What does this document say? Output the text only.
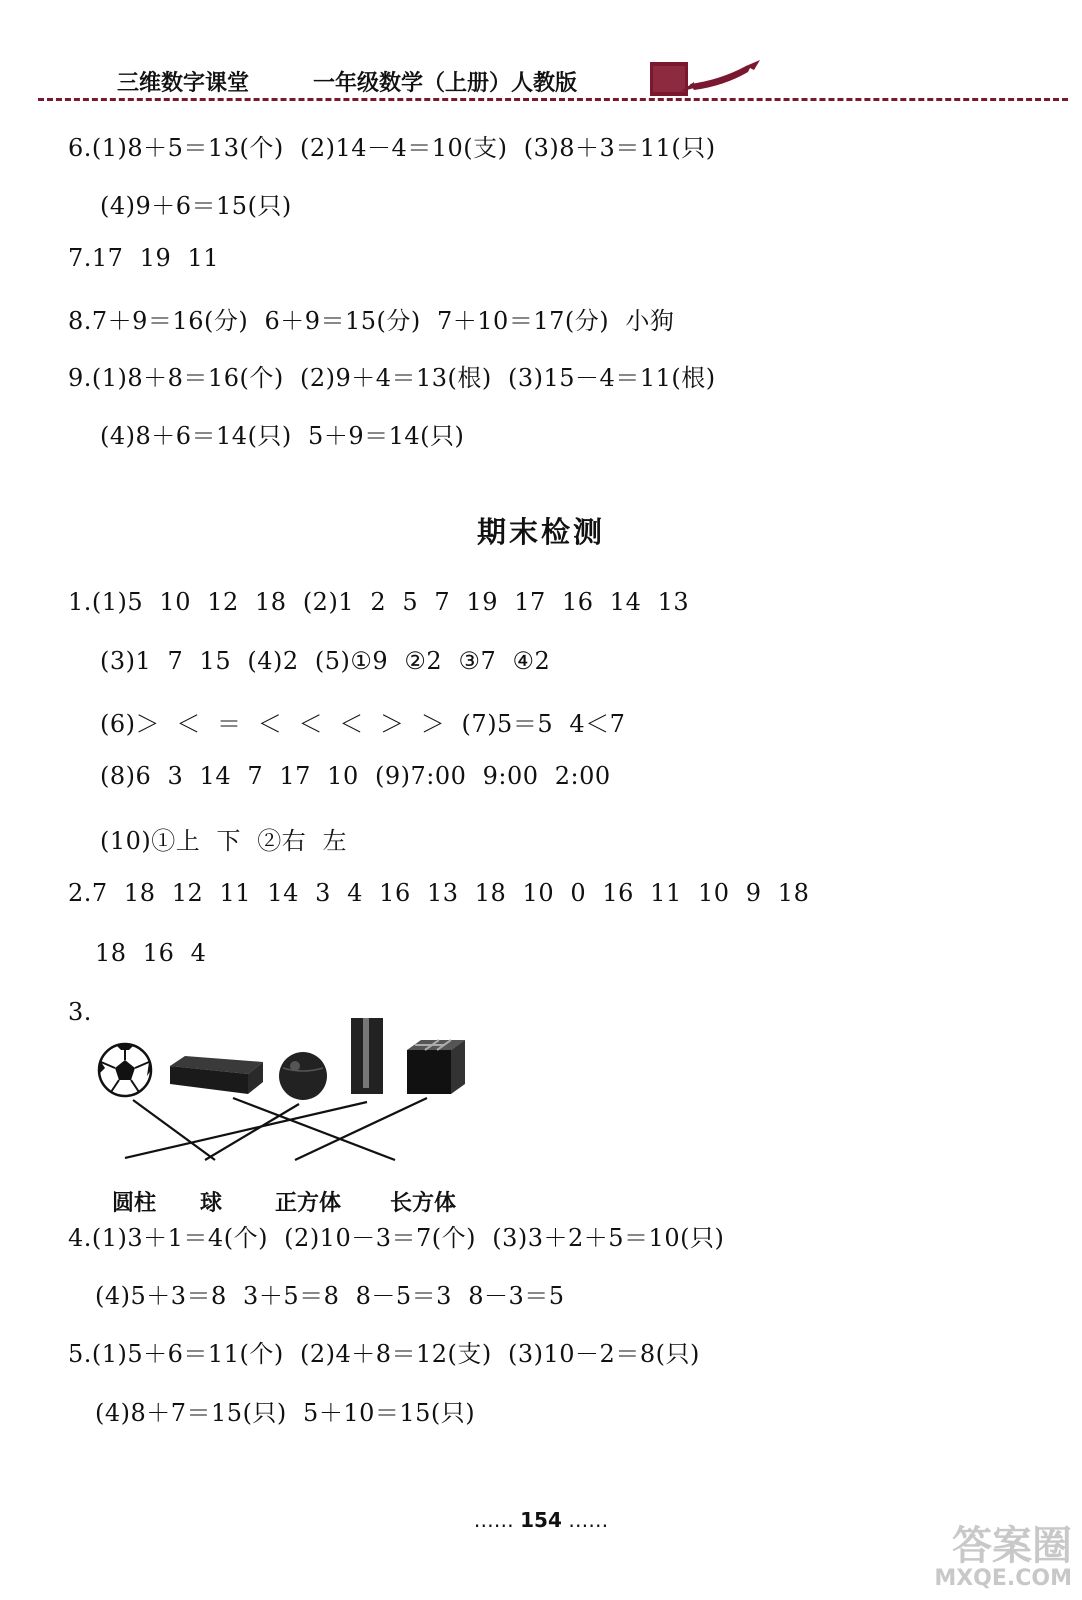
三维数字课堂	一年级数学（上册）人教版
6.(1)8＋5＝13(个)  (2)14－4＝10(支)  (3)8＋3＝11(只)
(4)9＋6＝15(只)
7.17  19  11
8.7＋9＝16(分)  6＋9＝15(分)  7＋10＝17(分)  小狗
9.(1)8＋8＝16(个)  (2)9＋4＝13(根)  (3)15－4＝11(根)
(4)8＋6＝14(只)  5＋9＝14(只)
期末检测
1.(1)5  10  12  18  (2)1  2  5  7  19  17  16  14  13
(3)1  7  15  (4)2  (5)①9  ②2  ③7  ④2
(6)＞  ＜  ＝  ＜  ＜  ＜  ＞  ＞  (7)5＝5  4＜7
(8)6  3  14  7  17  10  (9)7:00  9:00  2:00
(10)①上  下  ②右  左
2.7  18  12  11  14  3  4  16  13  18  10  0  16  11  10  9  18
18  16  4
3.
圆柱 球 正方体 长方体
4.(1)3＋1＝4(个)  (2)10－3＝7(个)  (3)3＋2＋5＝10(只)
(4)5＋3＝8  3＋5＝8  8－5＝3  8－3＝5
5.(1)5＋6＝11(个)  (2)4＋8＝12(支)  (3)10－2＝8(只)
(4)8＋7＝15(只)  5＋10＝15(只)
…… 154 ……
答案圈
MXQE.COM
